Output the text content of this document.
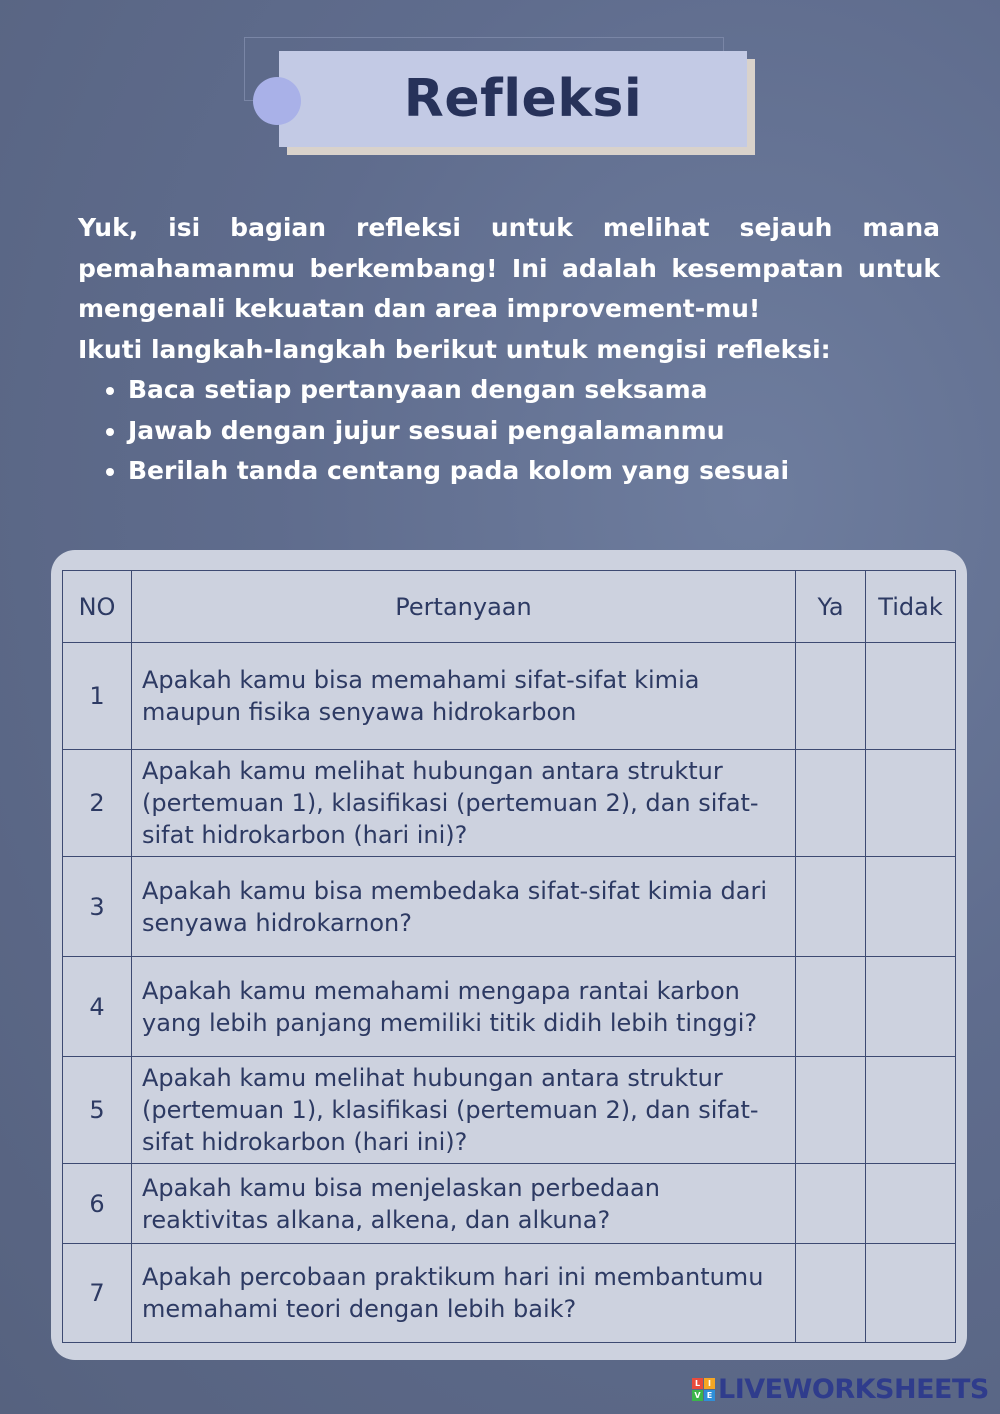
Refleksi

Yuk, isi bagian refleksi untuk melihat sejauh mana pemahamanmu berkembang! Ini adalah kesempatan untuk mengenali kekuatan dan area improvement-mu!

Ikuti langkah-langkah berikut untuk mengisi refleksi:

• Baca setiap pertanyaan dengan seksama
• Jawab dengan jujur sesuai pengalamanmu
• Berilah tanda centang pada kolom yang sesuai
NO	Pertanyaan	Ya	Tidak
1	Apakah kamu bisa memahami sifat-sifat kimia maupun fisika senyawa hidrokarbon		
2	Apakah kamu melihat hubungan antara struktur (pertemuan 1), klasifikasi (pertemuan 2), dan sifat-sifat hidrokarbon (hari ini)?		
3	Apakah kamu bisa membedaka sifat-sifat kimia dari senyawa hidrokarnon?		
4	Apakah kamu memahami mengapa rantai karbon yang lebih panjang memiliki titik didih lebih tinggi?		
5	Apakah kamu melihat hubungan antara struktur (pertemuan 1), klasifikasi (pertemuan 2), dan sifat-sifat hidrokarbon (hari ini)?		
6	Apakah kamu bisa menjelaskan perbedaan reaktivitas alkana, alkena, dan alkuna?		
7	Apakah percobaan praktikum hari ini membantumu memahami teori dengan lebih baik?		
L I
V E LIVEWORKSHEETS
